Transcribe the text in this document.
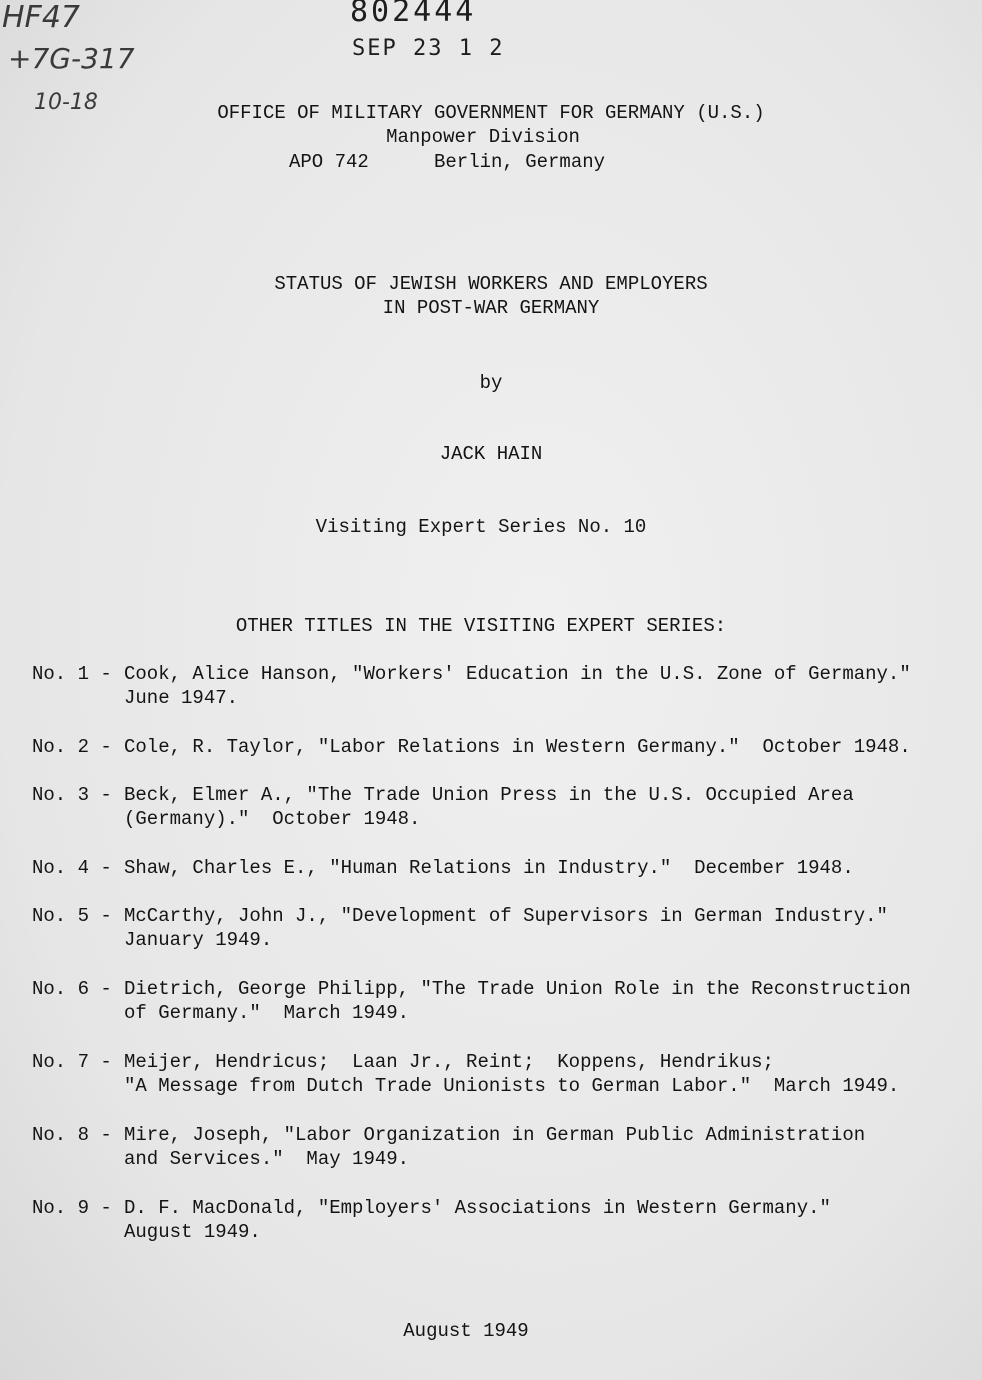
HF47
+7G-317
10-18
802444
SEP 23 1 2
OFFICE OF MILITARY GOVERNMENT FOR GERMANY (U.S.)
Manpower Division
APO 742	Berlin, Germany
STATUS OF JEWISH WORKERS AND EMPLOYERS
IN POST-WAR GERMANY
by
JACK HAIN
Visiting Expert Series No. 10
OTHER TITLES IN THE VISITING EXPERT SERIES:
No. 1 - Cook, Alice Hanson, "Workers' Education in the U.S. Zone of Germany."
June 1947.
No. 2 - Cole, R. Taylor, "Labor Relations in Western Germany."  October 1948.
No. 3 - Beck, Elmer A., "The Trade Union Press in the U.S. Occupied Area
(Germany)."  October 1948.
No. 4 - Shaw, Charles E., "Human Relations in Industry."  December 1948.
No. 5 - McCarthy, John J., "Development of Supervisors in German Industry."
January 1949.
No. 6 - Dietrich, George Philipp, "The Trade Union Role in the Reconstruction
of Germany."  March 1949.
No. 7 - Meijer, Hendricus;  Laan Jr., Reint;  Koppens, Hendrikus;
"A Message from Dutch Trade Unionists to German Labor."  March 1949.
No. 8 - Mire, Joseph, "Labor Organization in German Public Administration
and Services."  May 1949.
No. 9 - D. F. MacDonald, "Employers' Associations in Western Germany."
August 1949.
August 1949
